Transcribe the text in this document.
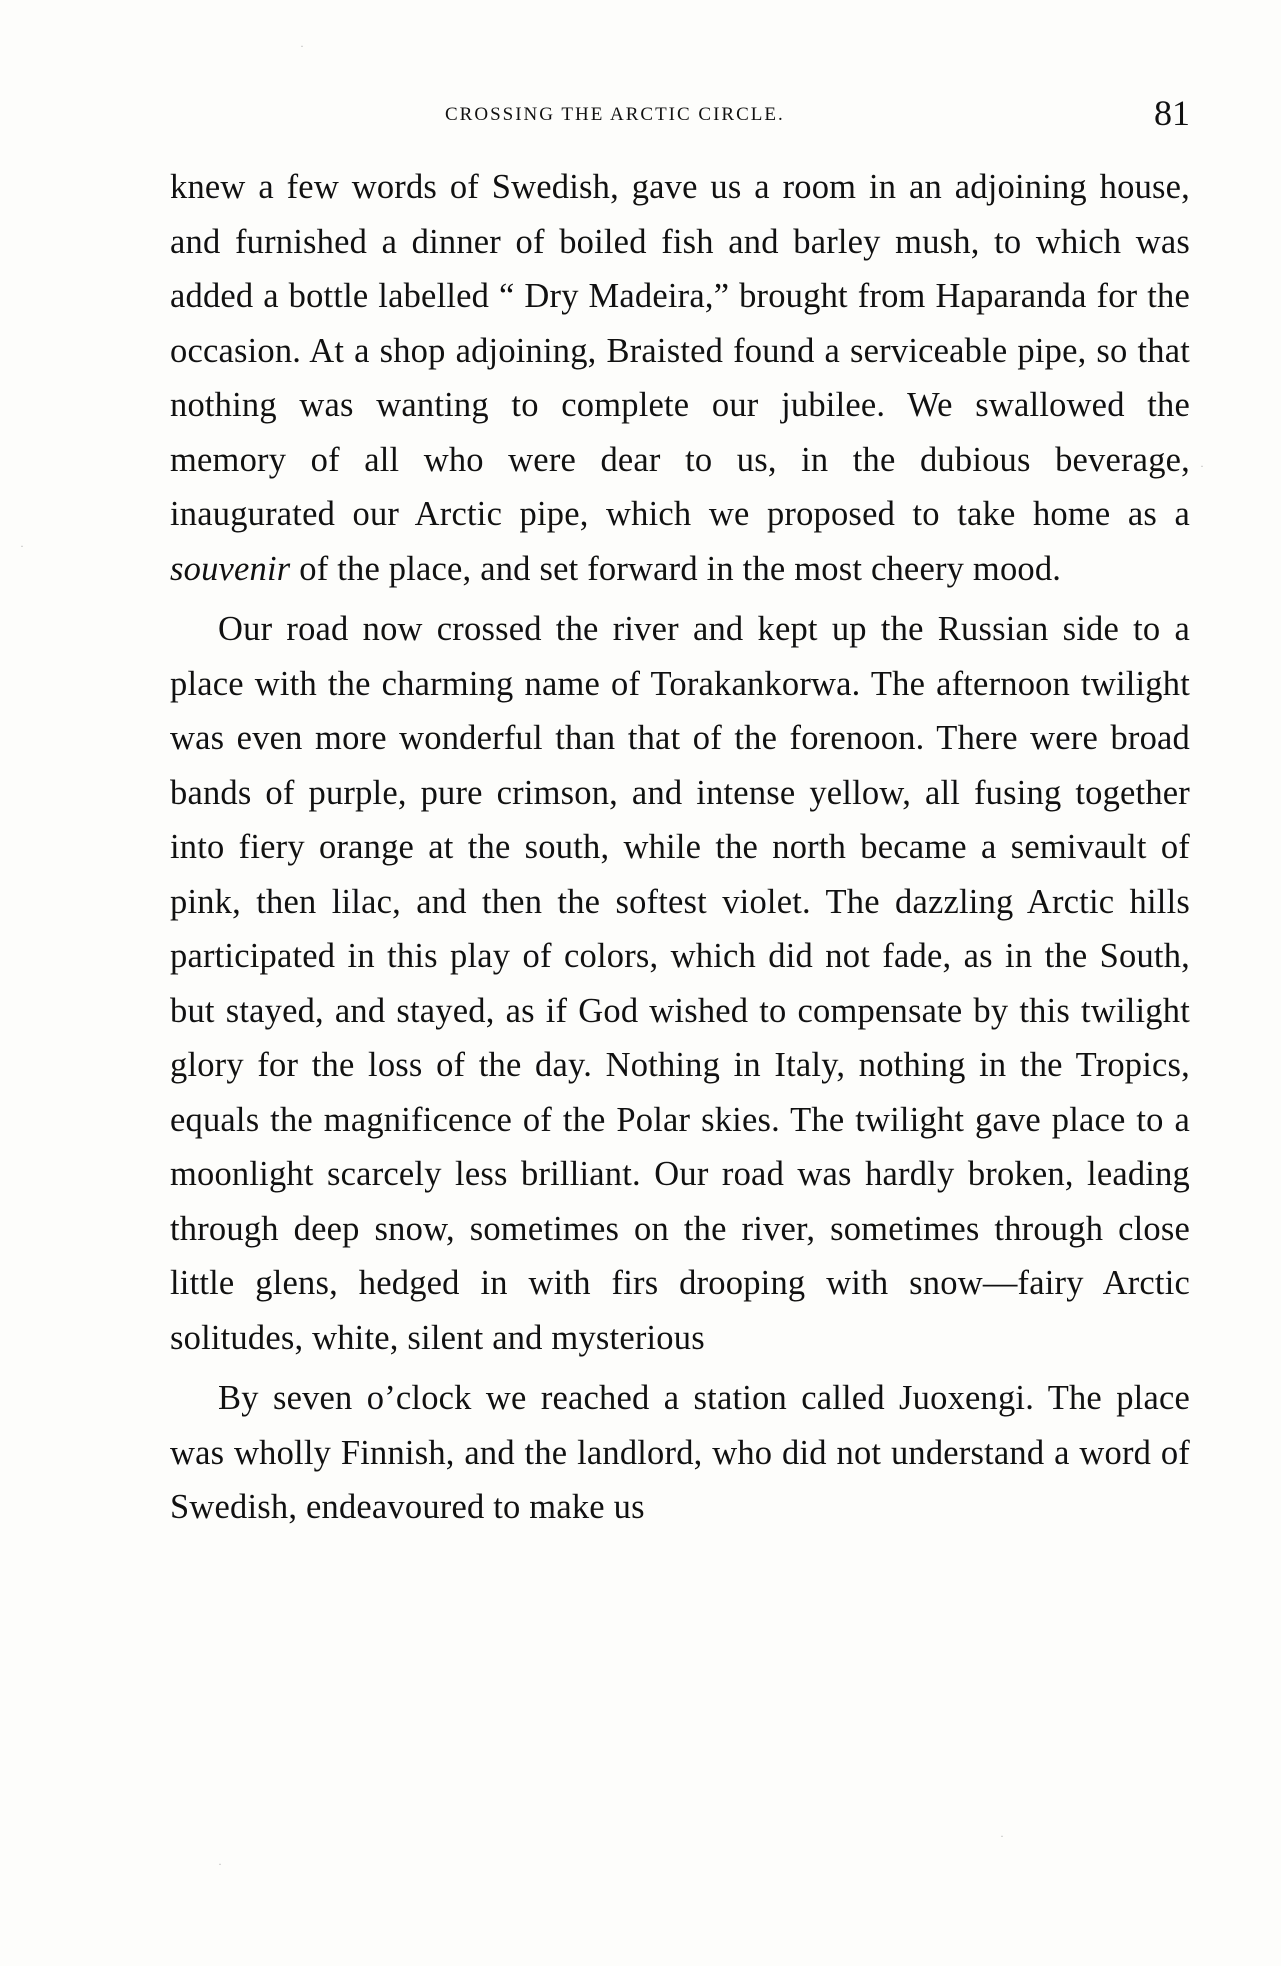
CROSSING THE ARCTIC CIRCLE.	81

knew a few words of Swedish, gave us a room in an adjoining house, and furnished a dinner of boiled fish and barley mush, to which was added a bottle labelled “ Dry Madeira,” brought from Haparanda for the occasion. At a shop adjoining, Braisted found a serviceable pipe, so that nothing was wanting to complete our jubilee. We swallowed the memory of all who were dear to us, in the dubious beverage, inaugurated our Arctic pipe, which we proposed to take home as a souvenir of the place, and set forward in the most cheery mood.

Our road now crossed the river and kept up the Russian side to a place with the charming name of Torakankorwa. The afternoon twilight was even more wonderful than that of the forenoon. There were broad bands of purple, pure crimson, and intense yellow, all fusing together into fiery orange at the south, while the north became a semivault of pink, then lilac, and then the softest violet. The dazzling Arctic hills participated in this play of colors, which did not fade, as in the South, but stayed, and stayed, as if God wished to compensate by this twilight glory for the loss of the day. Nothing in Italy, nothing in the Tropics, equals the magnificence of the Polar skies. The twilight gave place to a moonlight scarcely less brilliant. Our road was hardly broken, leading through deep snow, sometimes on the river, sometimes through close little glens, hedged in with firs drooping with snow—fairy Arctic solitudes, white, silent and mysterious

By seven o’clock we reached a station called Juoxengi. The place was wholly Finnish, and the landlord, who did not understand a word of Swedish, endeavoured to make us

·
·
·
·
·
